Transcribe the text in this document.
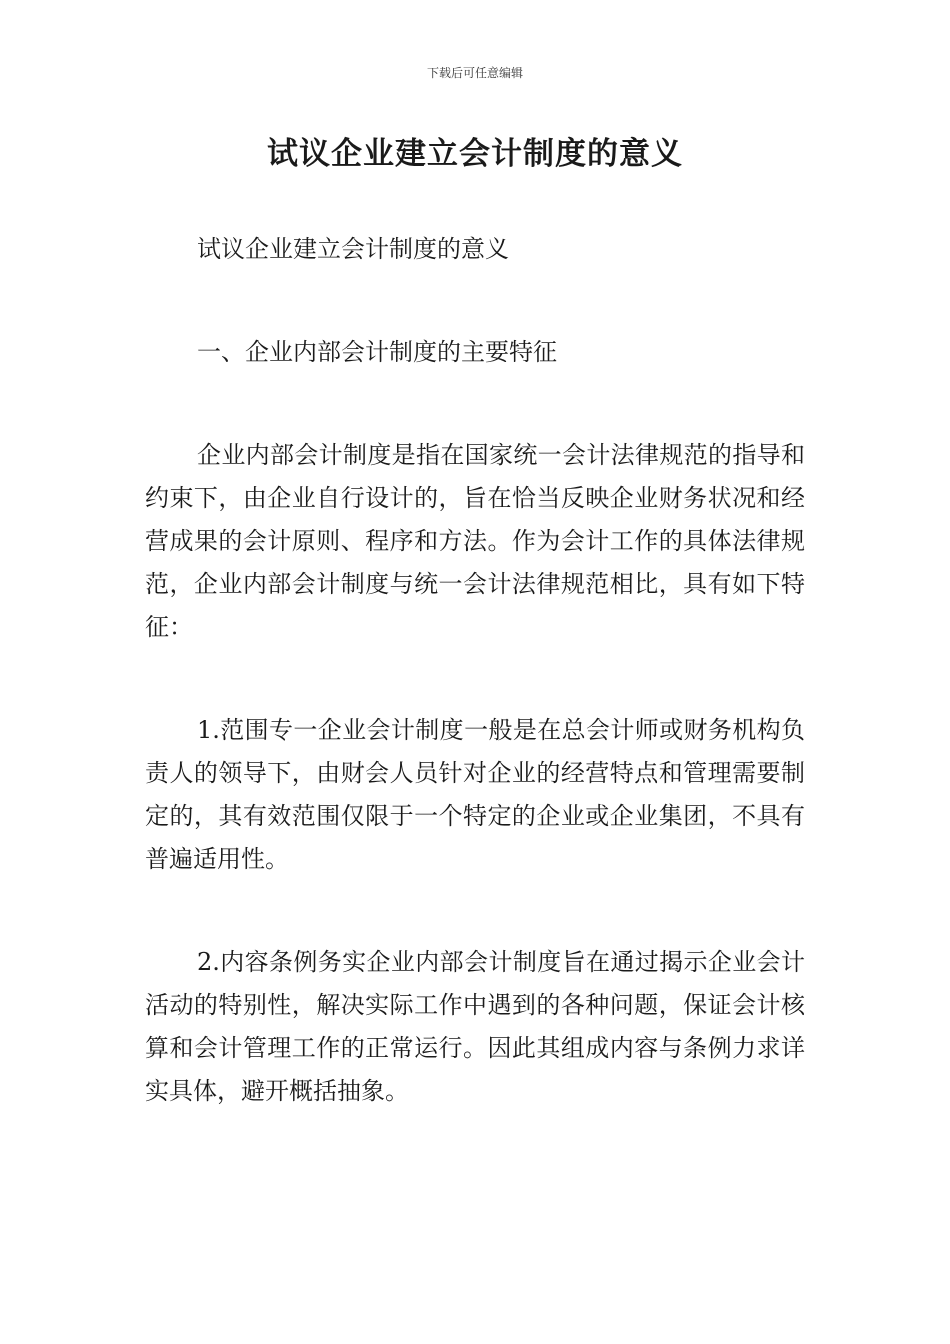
下载后可任意编辑
试议企业建立会计制度的意义

试议企业建立会计制度的意义

一、企业内部会计制度的主要特征

企业内部会计制度是指在国家统一会计法律规范的指导和约束下，由企业自行设计的，旨在恰当反映企业财务状况和经营成果的会计原则、程序和方法。作为会计工作的具体法律规范，企业内部会计制度与统一会计法律规范相比，具有如下特征：

1.范围专一企业会计制度一般是在总会计师或财务机构负责人的领导下，由财会人员针对企业的经营特点和管理需要制定的，其有效范围仅限于一个特定的企业或企业集团，不具有普遍适用性。

2.内容条例务实企业内部会计制度旨在通过揭示企业会计活动的特别性，解决实际工作中遇到的各种问题，保证会计核算和会计管理工作的正常运行。因此其组成内容与条例力求详实具体，避开概括抽象。
